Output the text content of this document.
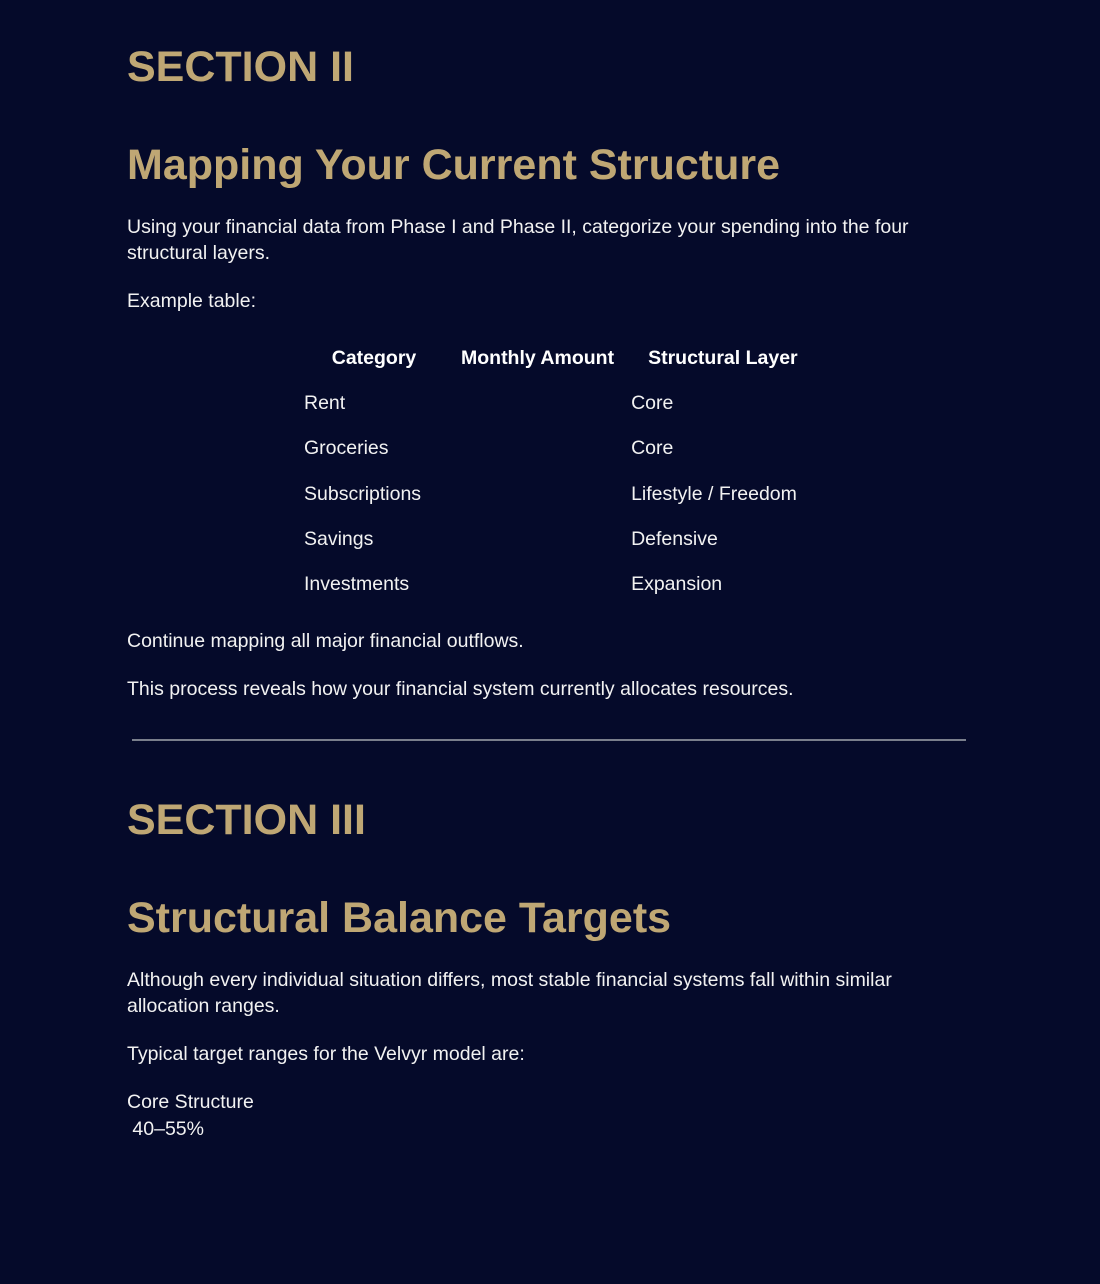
SECTION II
Mapping Your Current Structure

Using your financial data from Phase I and Phase II, categorize your spending into the four structural layers.

Example table:

Category	Monthly Amount	Structural Layer
Rent		Core
Groceries		Core
Subscriptions		Lifestyle / Freedom
Savings		Defensive
Investments		Expansion

Continue mapping all major financial outflows.

This process reveals how your financial system currently allocates resources.

SECTION III
Structural Balance Targets

Although every individual situation differs, most stable financial systems fall within similar allocation ranges.

Typical target ranges for the Velvyr model are:

Core Structure

40–55%
